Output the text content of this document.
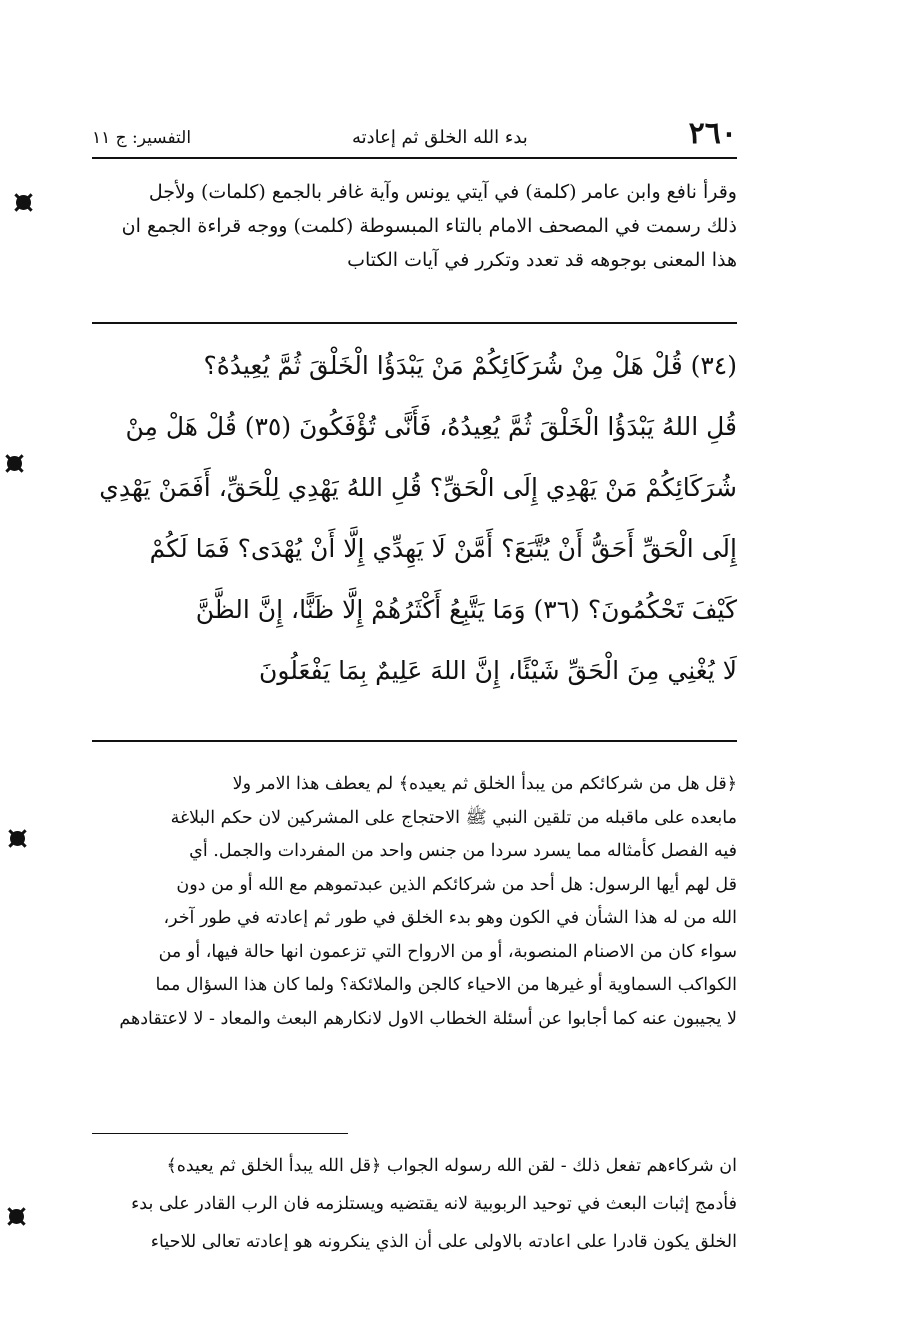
٢٦٠
بدء الله الخلق ثم إعادته
التفسير: ج ١١

وقرأ نافع وابن عامر (كلمة) في آيتي يونس وآية غافر بالجمع (كلمات) ولأجل

ذلك رسمت في المصحف الامام بالتاء المبسوطة (كلمت) ووجه قراءة الجمع ان

هذا المعنى بوجوهه قد تعدد وتكرر في آيات الكتاب

(٣٤) قُلْ هَلْ مِنْ شُرَكَائِكُمْ مَنْ يَبْدَؤُا الْخَلْقَ ثُمَّ يُعِيدُهُ؟

قُلِ اللهُ يَبْدَؤُا الْخَلْقَ ثُمَّ يُعِيدُهُ، فَأَنَّى تُؤْفَكُونَ (٣٥) قُلْ هَلْ مِنْ

شُرَكَائِكُمْ مَنْ يَهْدِي إِلَى الْحَقِّ؟ قُلِ اللهُ يَهْدِي لِلْحَقِّ، أَفَمَنْ يَهْدِي

إِلَى الْحَقِّ أَحَقُّ أَنْ يُتَّبَعَ؟ أَمَّنْ لَا يَهِدِّي إِلَّا أَنْ يُهْدَى؟ فَمَا لَكُمْ

كَيْفَ تَحْكُمُونَ؟ (٣٦) وَمَا يَتَّبِعُ أَكْثَرُهُمْ إِلَّا ظَنًّا، إِنَّ الظَّنَّ

لَا يُغْنِي مِنَ الْحَقِّ شَيْئًا، إِنَّ اللهَ عَلِيمٌ بِمَا يَفْعَلُونَ

﴿قل هل من شركائكم من يبدأ الخلق ثم يعيده﴾ لم يعطف هذا الامر ولا

مابعده على ماقبله من تلقين النبي ﷺ الاحتجاج على المشركين لان حكم البلاغة

فيه الفصل كأمثاله مما يسرد سردا من جنس واحد من المفردات والجمل. أي

قل لهم أيها الرسول: هل أحد من شركائكم الذين عبدتموهم مع الله أو من دون

الله من له هذا الشأن في الكون وهو بدء الخلق في طور ثم إعادته في طور آخر،

سواء كان من الاصنام المنصوبة، أو من الارواح التي تزعمون انها حالة فيها، أو من

الكواكب السماوية أو غيرها من الاحياء كالجن والملائكة؟ ولما كان هذا السؤال مما

لا يجيبون عنه كما أجابوا عن أسئلة الخطاب الاول لانكارهم البعث والمعاد - لا لاعتقادهم

ان شركاءهم تفعل ذلك - لقن الله رسوله الجواب ﴿قل الله يبدأ الخلق ثم يعيده﴾

فأدمج إثبات البعث في توحيد الربوبية لانه يقتضيه ويستلزمه فان الرب القادر على بدء

الخلق يكون قادرا على اعادته بالاولى على أن الذي ينكرونه هو إعادته تعالى للاحياء
